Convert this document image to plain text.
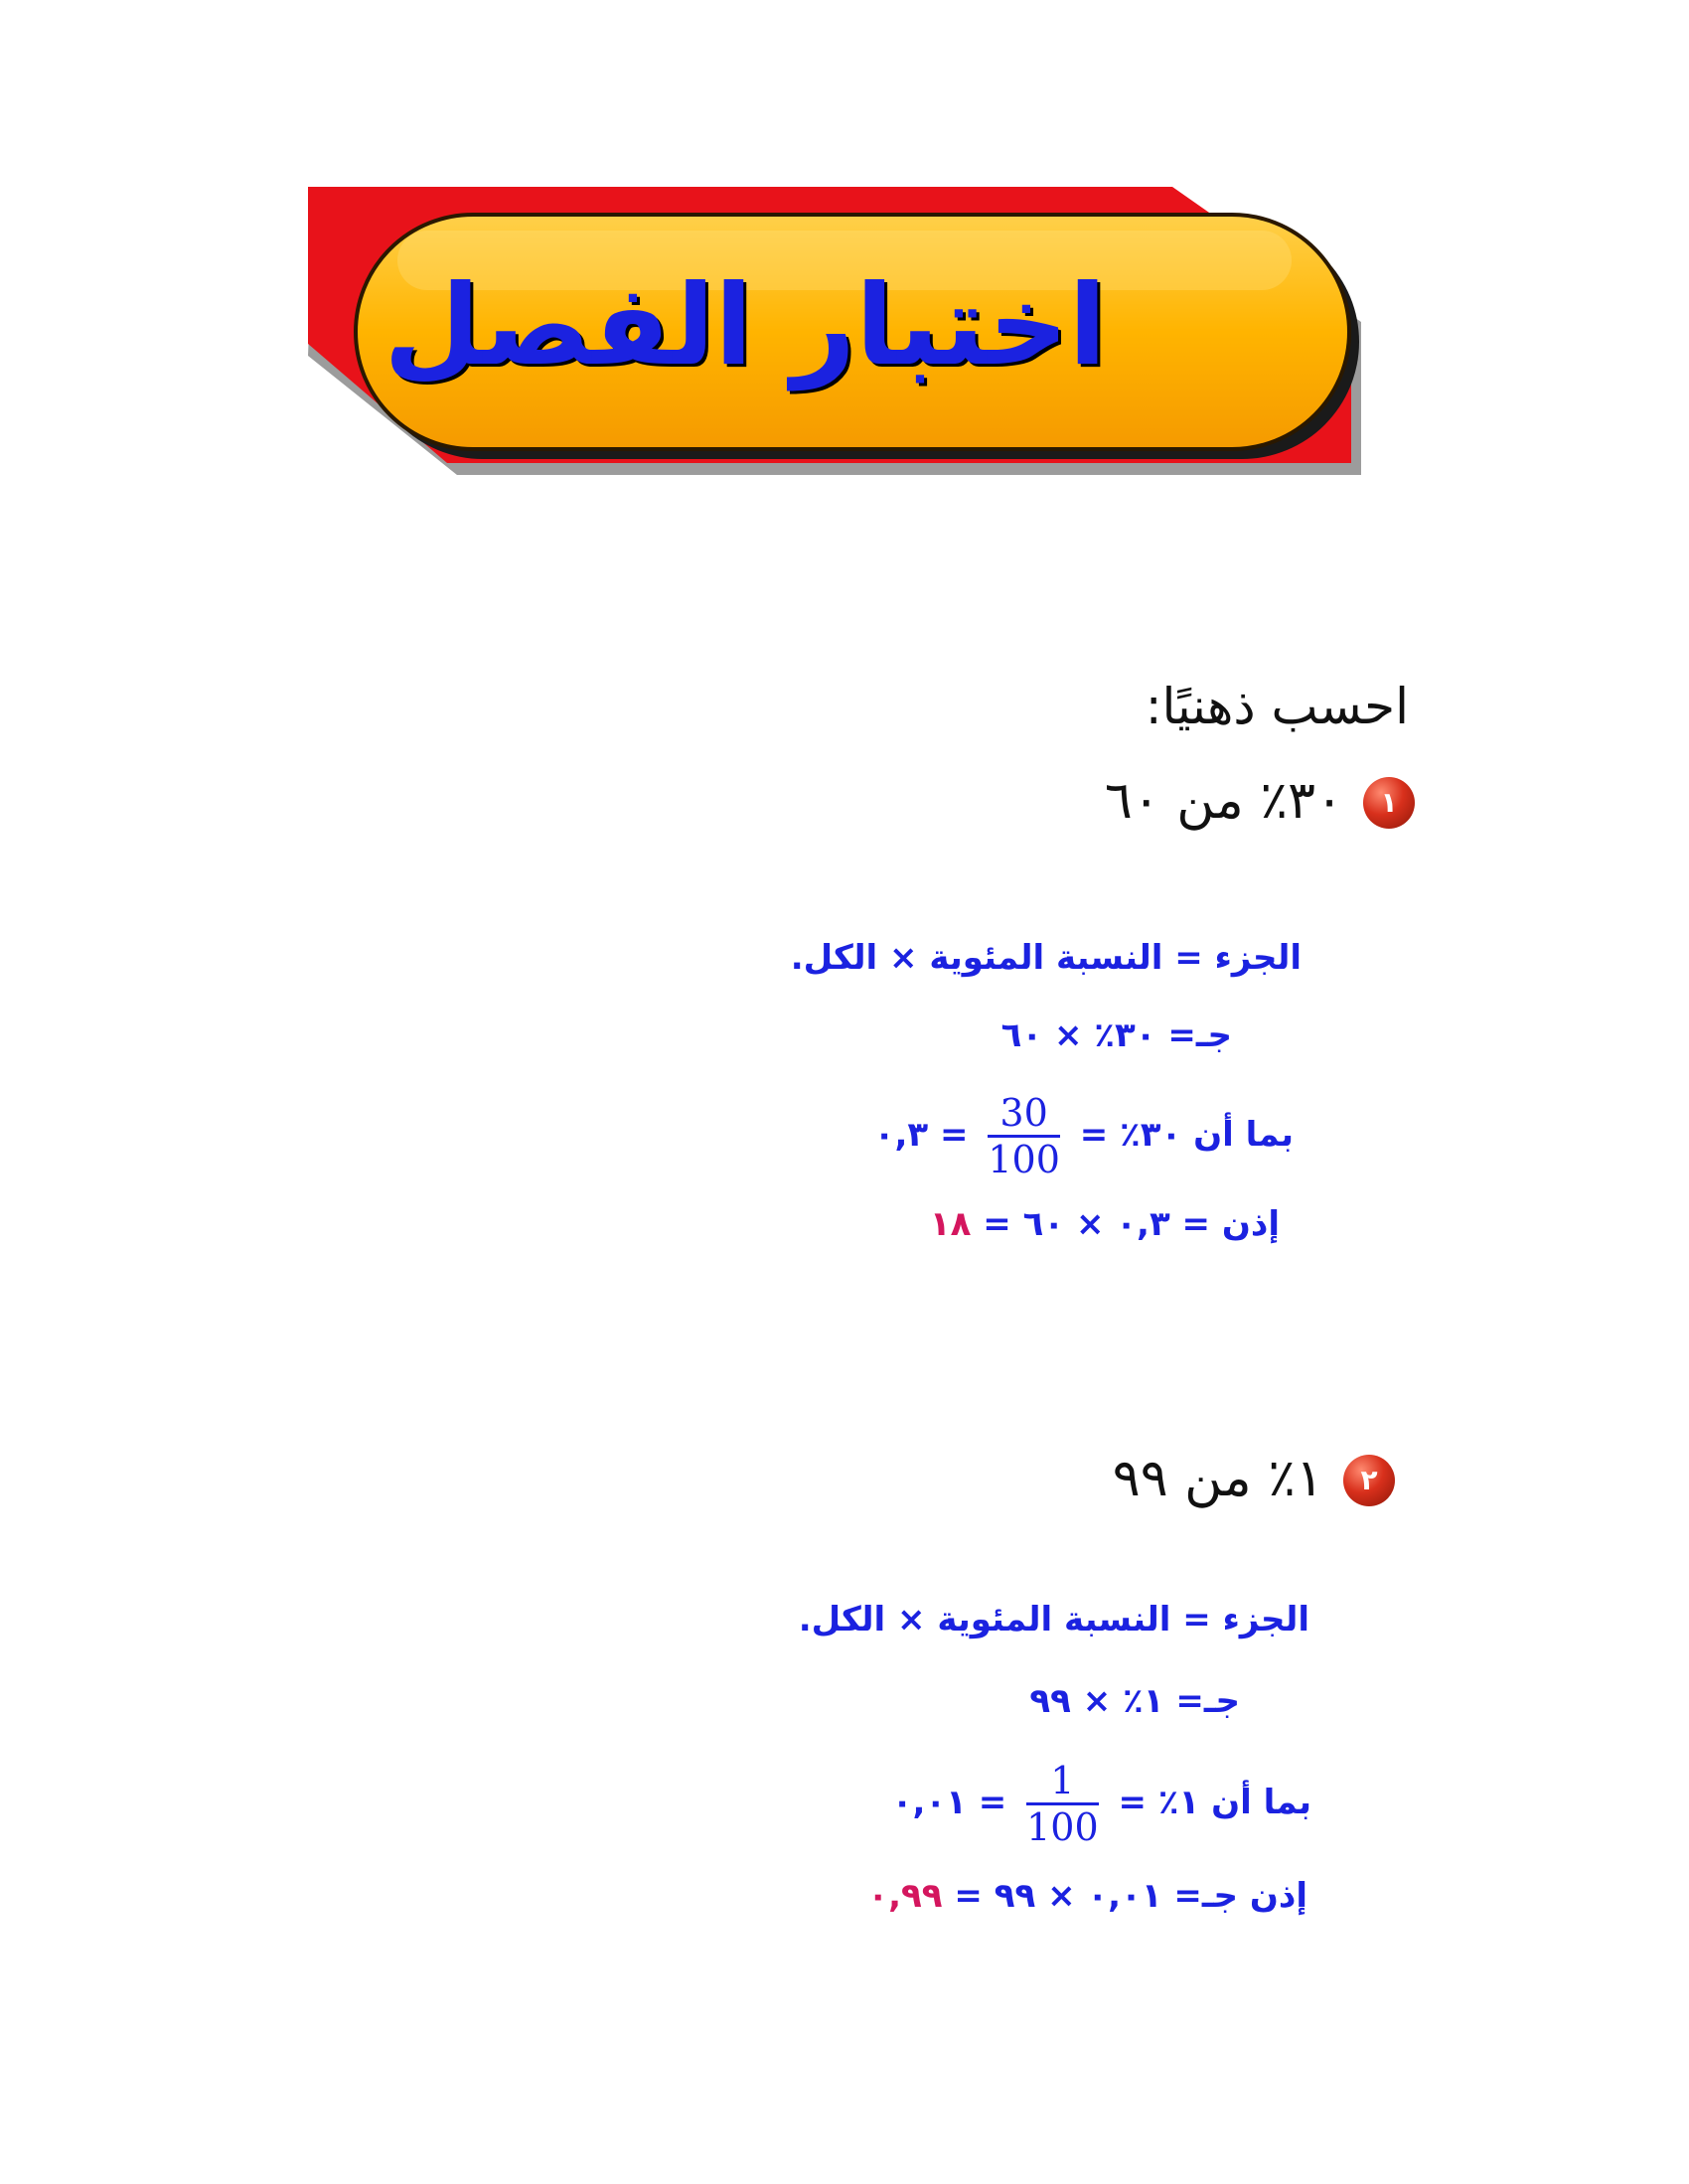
اختبار الفصل
احسب ذهنيًا:
١
٣٠٪ من ٦٠
الجزء = النسبة المئوية × الكل.
جـ= ٣٠٪ × ٦٠
بما أن ٣٠٪ =
$\frac{30}{100}$
= ٠,٣
إذن = ٠,٣ × ٦٠ = ١٨
٢
١٪ من ٩٩
الجزء = النسبة المئوية × الكل.
جـ= ١٪ × ٩٩
بما أن ١٪ =
$\frac{1}{100}$
= ٠,٠١
إذن جـ= ٠,٠١ × ٩٩ = ٠,٩٩
